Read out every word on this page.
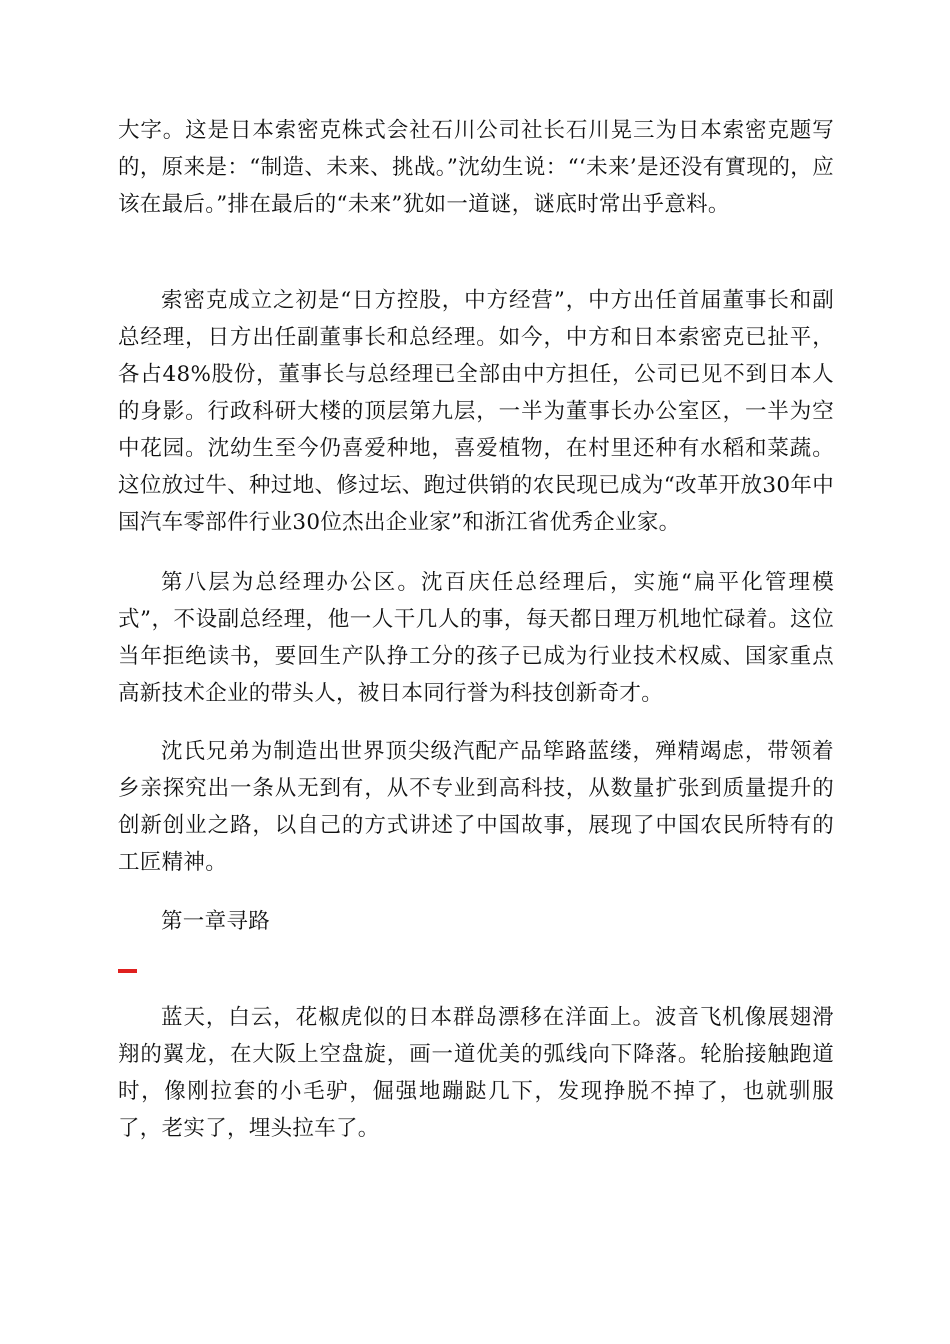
大字。这是日本索密克株式会社石川公司社长石川晃三为日本索密克题写的，原来是：“制造、未来、挑战。”沈幼生说：“‘未来’是还没有實现的，应该在最后。”排在最后的“未来”犹如一道谜，谜底时常出乎意料。

索密克成立之初是“日方控股，中方经营”，中方出任首届董事长和副总经理，日方出任副董事长和总经理。如今，中方和日本索密克已扯平，各占48%股份，董事长与总经理已全部由中方担任，公司已见不到日本人的身影。行政科研大楼的顶层第九层，一半为董事长办公室区，一半为空中花园。沈幼生至今仍喜爱种地，喜爱植物，在村里还种有水稻和菜蔬。这位放过牛、种过地、修过坛、跑过供销的农民现已成为“改革开放30年中国汽车零部件行业30位杰出企业家”和浙江省优秀企业家。

第八层为总经理办公区。沈百庆任总经理后，实施“扁平化管理模式”，不设副总经理，他一人干几人的事，每天都日理万机地忙碌着。这位当年拒绝读书，要回生产队挣工分的孩子已成为行业技术权威、国家重点高新技术企业的带头人，被日本同行誉为科技创新奇才。

沈氏兄弟为制造出世界顶尖级汽配产品筚路蓝缕，殚精竭虑，带领着乡亲探究出一条从无到有，从不专业到高科技，从数量扩张到质量提升的创新创业之路，以自己的方式讲述了中国故事，展现了中国农民所特有的工匠精神。

第一章寻路

蓝天，白云，花椒虎似的日本群岛漂移在洋面上。波音飞机像展翅滑翔的翼龙，在大阪上空盘旋，画一道优美的弧线向下降落。轮胎接触跑道时，像刚拉套的小毛驴，倔强地蹦跶几下，发现挣脱不掉了，也就驯服了，老实了，埋头拉车了。
